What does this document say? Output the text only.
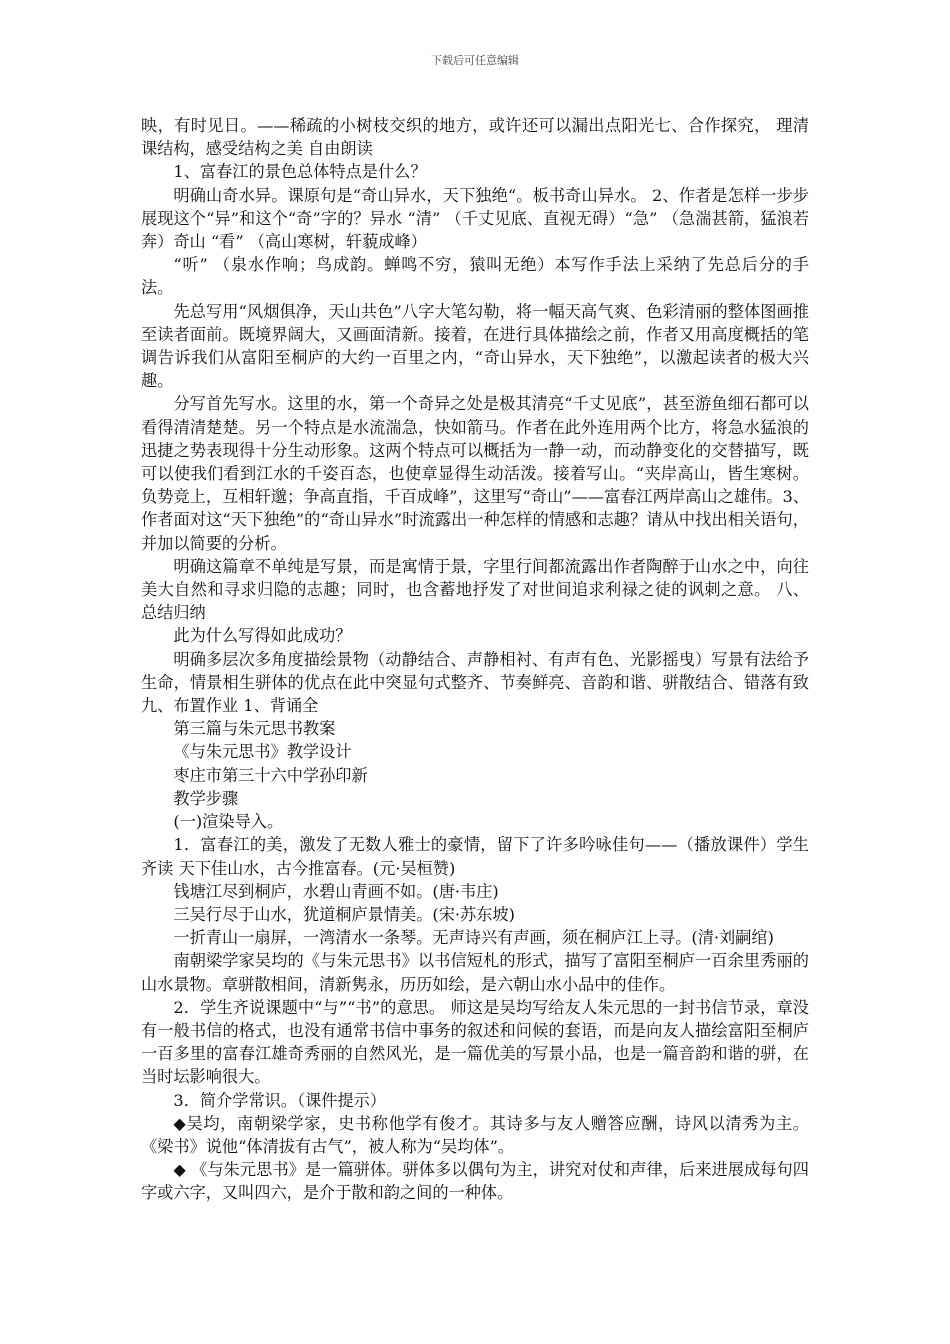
下载后可任意编辑

映，有时见日。——稀疏的小树枝交织的地方，或许还可以漏出点阳光七、合作探究， 理清课结构，感受结构之美 自由朗读

1、富春江的景色总体特点是什么？

明确山奇水异。课原句是“奇山异水，天下独绝“。板书奇山异水。 2、作者是怎样一步步展现这个“异”和这个“奇”字的？异水 “清” （千丈见底、直视无碍）“急” （急湍甚箭，猛浪若奔）奇山 “看” （高山寒树，轩藐成峰）

“听” （泉水作响；鸟成韵。蝉鸣不穷，猿叫无绝）本写作手法上采纳了先总后分的手法。

先总写用“风烟俱净，天山共色”八字大笔勾勒，将一幅天高气爽、色彩清丽的整体图画推至读者面前。既境界阔大，又画面清新。接着，在进行具体描绘之前，作者又用高度概括的笔调告诉我们从富阳至桐庐的大约一百里之内，“奇山异水，天下独绝”，以激起读者的极大兴趣。

分写首先写水。这里的水，第一个奇异之处是极其清亮“千丈见底”，甚至游鱼细石都可以看得清清楚楚。另一个特点是水流湍急，快如箭马。作者在此外连用两个比方，将急水猛浪的迅捷之势表现得十分生动形象。这两个特点可以概括为一静一动，而动静变化的交替描写，既可以使我们看到江水的千姿百态，也使章显得生动活泼。接着写山。“夹岸高山，皆生寒树。负势竞上，互相轩邈；争高直指，千百成峰”，这里写“奇山”——富春江两岸高山之雄伟。3、作者面对这“天下独绝”的“奇山异水”时流露出一种怎样的情感和志趣？请从中找出相关语句，并加以简要的分析。

明确这篇章不单纯是写景，而是寓情于景，字里行间都流露出作者陶醉于山水之中，向往美大自然和寻求归隐的志趣；同时，也含蓄地抒发了对世间追求利禄之徒的讽刺之意。 八、总结归纳

此为什么写得如此成功？

明确多层次多角度描绘景物（动静结合、声静相衬、有声有色、光影摇曳）写景有法给予生命，情景相生骈体的优点在此中突显句式整齐、节奏鲜亮、音韵和谐、骈散结合、错落有致 九、布置作业 1、背诵全

第三篇与朱元思书教案

《与朱元思书》教学设计

枣庄市第三十六中学孙印新

教学步骤

(一)渲染导入。

1．富春江的美，激发了无数人雅士的豪情，留下了许多吟咏佳句——（播放课件）学生齐读 天下佳山水，古今推富春。(元·吴桓赞)

钱塘江尽到桐庐，水碧山青画不如。(唐·韦庄)

三吴行尽于山水，犹道桐庐景情美。(宋·苏东坡)

一折青山一扇屏，一湾清水一条琴。无声诗兴有声画，须在桐庐江上寻。(清·刘嗣绾)

南朝梁学家吴均的《与朱元思书》以书信短札的形式，描写了富阳至桐庐一百余里秀丽的山水景物。章骈散相间，清新隽永，历历如绘，是六朝山水小品中的佳作。

2．学生齐说课题中“与”“书”的意思。 师这是吴均写给友人朱元思的一封书信节录，章没有一般书信的格式，也没有通常书信中事务的叙述和问候的套语，而是向友人描绘富阳至桐庐一百多里的富春江雄奇秀丽的自然风光，是一篇优美的写景小品，也是一篇音韵和谐的骈，在当时坛影响很大。

3．简介学常识。（课件提示）

◆吴均，南朝梁学家，史书称他学有俊才。其诗多与友人赠答应酬，诗风以清秀为主。《梁书》说他“体清拔有古气”，被人称为“吴均体”。

◆ 《与朱元思书》是一篇骈体。骈体多以偶句为主，讲究对仗和声律，后来进展成每句四字或六字，又叫四六，是介于散和韵之间的一种体。
